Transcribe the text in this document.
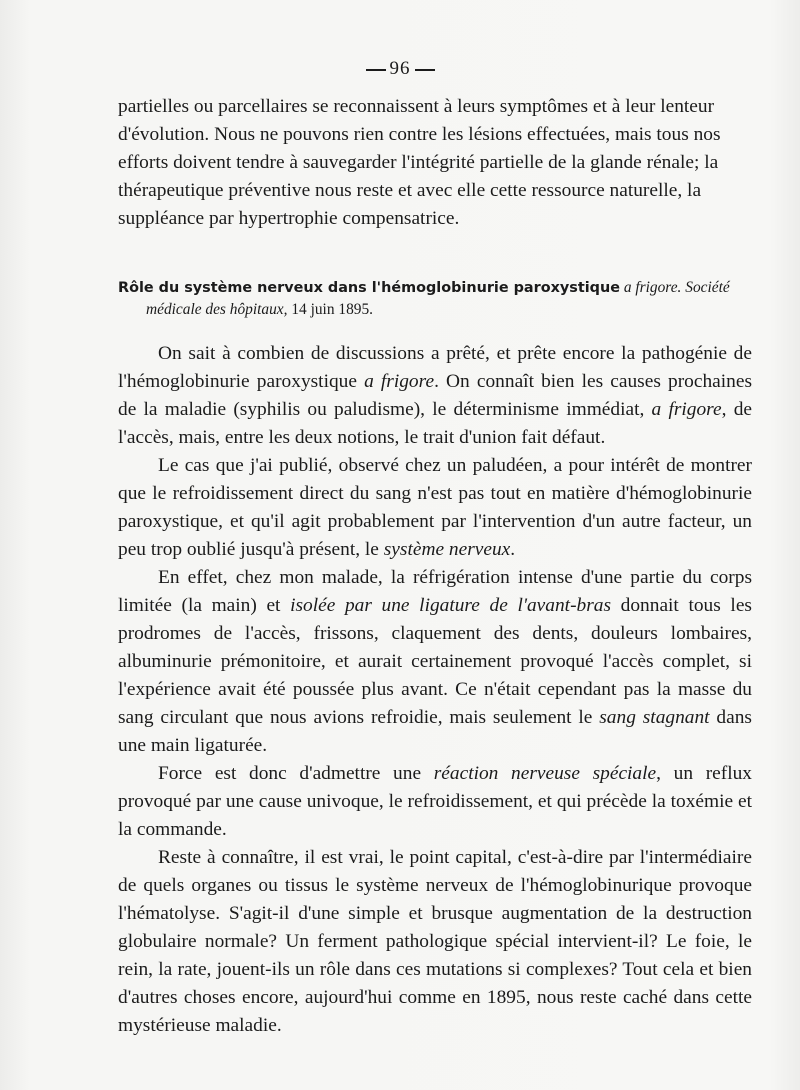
96

partielles ou parcellaires se reconnaissent à leurs symptômes et à leur lenteur

d'évolution. Nous ne pouvons rien contre les lésions effectuées, mais tous nos

efforts doivent tendre à sauvegarder l'intégrité partielle de la glande rénale; la

thérapeutique préventive nous reste et avec elle cette ressource naturelle, la

suppléance par hypertrophie compensatrice.

Rôle du système nerveux dans l'hémoglobinurie paroxystique a frigore. Société
médicale des hôpitaux, 14 juin 1895.

On sait à combien de discussions a prêté, et prête encore la pathogénie de l'hémoglobinurie paroxystique a frigore. On connaît bien les causes prochaines de la maladie (syphilis ou paludisme), le déterminisme immédiat, a frigore, de l'accès, mais, entre les deux notions, le trait d'union fait défaut.

Le cas que j'ai publié, observé chez un paludéen, a pour intérêt de montrer que le refroidissement direct du sang n'est pas tout en matière d'hémoglobinurie paroxystique, et qu'il agit probablement par l'intervention d'un autre facteur, un peu trop oublié jusqu'à présent, le système nerveux.

En effet, chez mon malade, la réfrigération intense d'une partie du corps limitée (la main) et isolée par une ligature de l'avant-bras donnait tous les prodromes de l'accès, frissons, claquement des dents, douleurs lombaires, albuminurie prémonitoire, et aurait certainement provoqué l'accès complet, si l'expérience avait été poussée plus avant. Ce n'était cependant pas la masse du sang circulant que nous avions refroidie, mais seulement le sang stagnant dans une main ligaturée.

Force est donc d'admettre une réaction nerveuse spéciale, un reflux provoqué par une cause univoque, le refroidissement, et qui précède la toxémie et la commande.

Reste à connaître, il est vrai, le point capital, c'est-à-dire par l'intermédiaire de quels organes ou tissus le système nerveux de l'hémoglobinurique provoque l'hématolyse. S'agit-il d'une simple et brusque augmentation de la destruction globulaire normale? Un ferment pathologique spécial intervient-il? Le foie, le rein, la rate, jouent-ils un rôle dans ces mutations si complexes? Tout cela et bien d'autres choses encore, aujourd'hui comme en 1895, nous reste caché dans cette mystérieuse maladie.
